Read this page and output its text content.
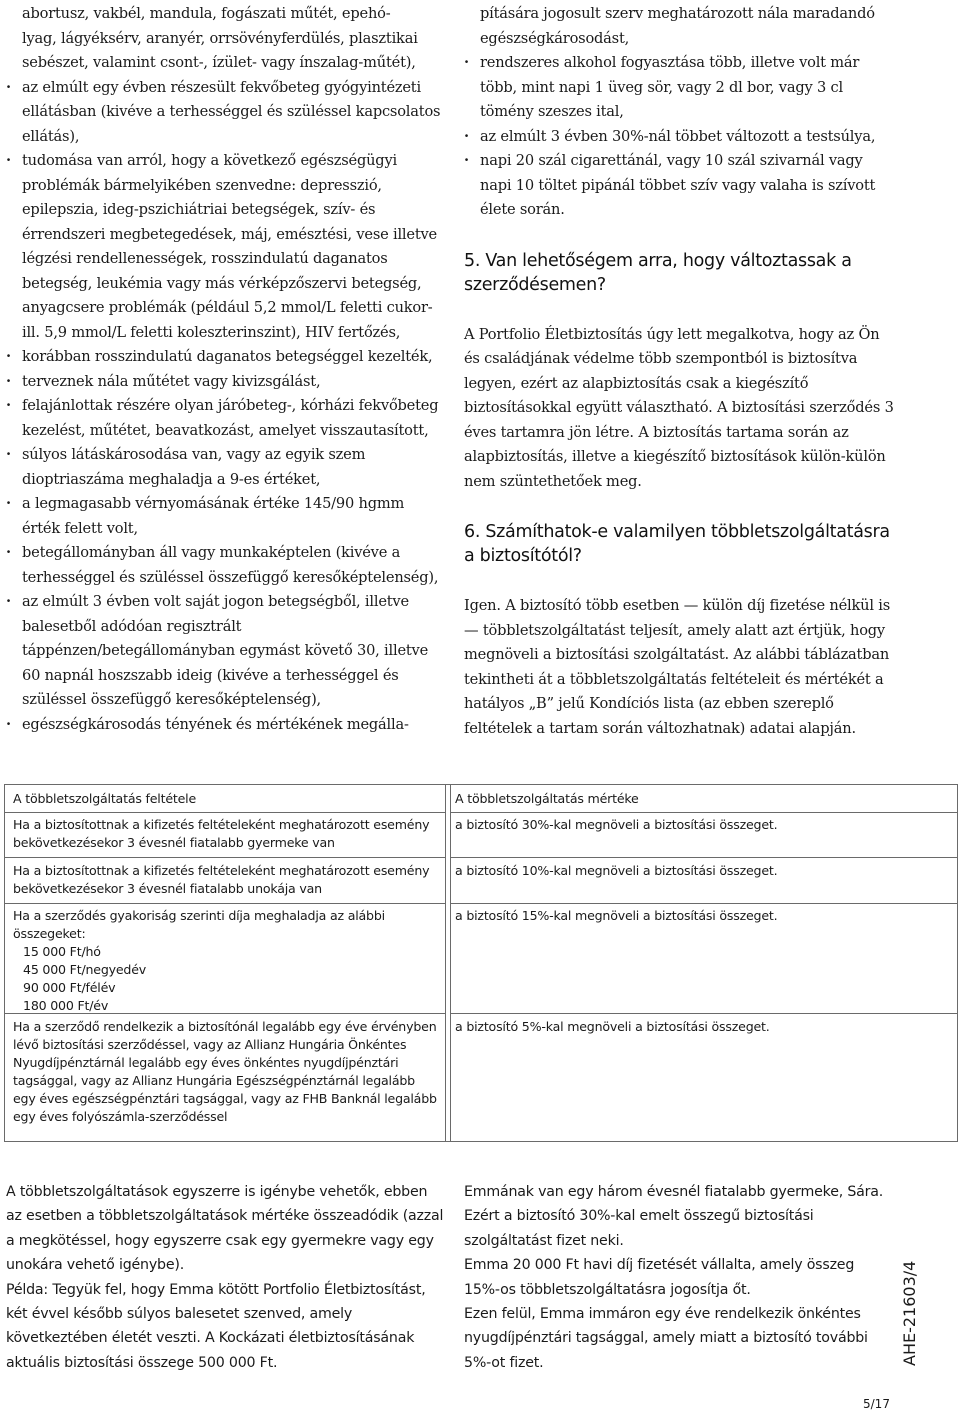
abortusz, vakbél, mandula, fogászati műtét, epehó-

lyag, lágyéksérv, aranyér, orrsövényferdülés, plasztikai sebészet, valamint csont-, ízület- vagy ínszalag-műtét),

· az elmúlt egy évben részesült fekvőbeteg gyógyintézeti ellátásban (kivéve a terhességgel és szüléssel kapcsolatos ellátás),
· tudomása van arról, hogy a következő egészségügyi problémák bármelyikében szenvedne: depresszió, epilepszia, ideg-pszichiátriai betegségek, szív- és érrendszeri megbetegedések, máj, emésztési, vese illetve légzési rendellenességek, rosszindulatú daganatos betegség, leukémia vagy más vérképzőszervi betegség, anyagcsere problémák (például 5,2 mmol/L feletti cukor- ill. 5,9 mmol/L feletti koleszterinszint), HIV fertőzés,
· korábban rosszindulatú daganatos betegséggel kezelték,
· terveznek nála műtétet vagy kivizsgálást,
· felajánlottak részére olyan járóbeteg-, kórházi fekvőbeteg kezelést, műtétet, beavatkozást, amelyet visszautasított,
· súlyos látáskárosodása van, vagy az egyik szem dioptriaszáma meghaladja a 9-es értéket,
· a legmagasabb vérnyomásának értéke 145/90 hgmm érték felett volt,
· betegállományban áll vagy munkaképtelen (kivéve a terhességgel és szüléssel összefüggő keresőképtelenség),
· az elmúlt 3 évben volt saját jogon betegségből, illetve balesetből adódóan regisztrált táppénzen/betegállományban egymást követő 30, illetve 60 napnál hoszszabb ideig (kivéve a terhességgel és szüléssel összefüggő keresőképtelenség),
· egészségkárosodás tényének és mértékének megálla-

pítására jogosult szerv meghatározott nála maradandó egészségkárosodást,

· rendszeres alkohol fogyasztása több, illetve volt már több, mint napi 1 üveg sör, vagy 2 dl bor, vagy 3 cl tömény szeszes ital,
· az elmúlt 3 évben 30%-nál többet változott a testsúlya,
· napi 20 szál cigarettánál, vagy 10 szál szivarnál vagy napi 10 töltet pipánál többet szív vagy valaha is szívott élete során.
5. Van lehetőségem arra, hogy változtassak a szerződésemen?

A Portfolio Életbiztosítás úgy lett megalkotva, hogy az Ön és családjának védelme több szempontból is biztosítva legyen, ezért az alapbiztosítás csak a kiegészítő biztosításokkal együtt választható. A biztosítási szerződés 3 éves tartamra jön létre. A biztosítás tartama során az alapbiztosítás, illetve a kiegészítő biztosítások külön-külön nem szüntethetőek meg.

6. Számíthatok-e valamilyen többletszolgáltatásra a biztosítótól?

Igen. A biztosító több esetben — külön díj fizetése nélkül is — többletszolgáltatást teljesít, amely alatt azt értjük, hogy megnöveli a biztosítási szolgáltatást. Az alábbi táblázatban tekintheti át a többletszolgáltatás feltételeit és mértékét a hatályos „B” jelű Kondíciós lista (az ebben szereplő feltételek a tartam során változhatnak) adatai alapján.

A többletszolgáltatás feltétele	A többletszolgáltatás mértéke
Ha a biztosítottnak a kifizetés feltételeként meghatározott esemény bekövetkezésekor 3 évesnél fiatalabb gyermeke van
a biztosító 30%-kal megnöveli a biztosítási összeget.
Ha a biztosítottnak a kifizetés feltételeként meghatározott esemény bekövetkezésekor 3 évesnél fiatalabb unokája van
a biztosító 10%-kal megnöveli a biztosítási összeget.
Ha a szerződés gyakoriság szerinti díja meghaladja az alábbi összegeket:
15 000 Ft/hó
45 000 Ft/negyedév
90 000 Ft/félév
180 000 Ft/év
a biztosító 15%-kal megnöveli a biztosítási összeget.
Ha a szerződő rendelkezik a biztosítónál legalább egy éve érvényben lévő biztosítási szerződéssel, vagy az Allianz Hungária Önkéntes Nyugdíjpénztárnál legalább egy éves önkéntes nyugdíjpénztári tagsággal, vagy az Allianz Hungária Egészségpénztárnál legalább egy éves egészségpénztári tagsággal, vagy az FHB Banknál legalább egy éves folyószámla-szerződéssel
a biztosító 5%-kal megnöveli a biztosítási összeget.

A többletszolgáltatások egyszerre is igénybe vehetők, ebben az esetben a többletszolgáltatások mértéke összeadódik (azzal a megkötéssel, hogy egyszerre csak egy gyermekre vagy egy unokára vehető igénybe).

Példa: Tegyük fel, hogy Emma kötött Portfolio Életbiztosítást, két évvel később súlyos balesetet szenved, amely következtében életét veszti. A Kockázati életbiztosításának aktuális biztosítási összege 500 000 Ft.

Emmának van egy három évesnél fiatalabb gyermeke, Sára. Ezért a biztosító 30%-kal emelt összegű biztosítási szolgáltatást fizet neki.

Emma 20 000 Ft havi díj fizetését vállalta, amely összeg 15%-os többletszolgáltatásra jogosítja őt.

Ezen felül, Emma immáron egy éve rendelkezik önkéntes nyugdíjpénztári tagsággal, amely miatt a biztosító további 5%-ot fizet.	AHE-21603/4
5/17
